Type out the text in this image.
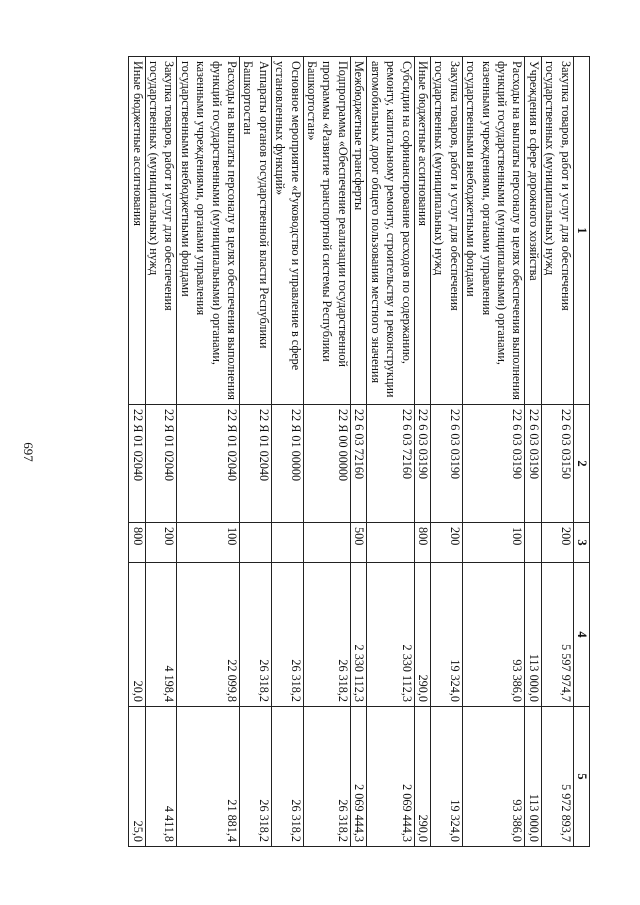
697
1	2	3	4	5
Закупка товаров, работ и услуг для обеспечения государственных (муниципальных) нужд	22 6 03 03150	200	5 597 974,7	5 972 893,7
Учреждения в сфере дорожного хозяйства	22 6 03 03190		113 000,0	113 000,0
Расходы на выплаты персоналу в целях обеспечения выполнения функций государственными (муниципальными) органами, казенными учреждениями, органами управления государственными внебюджетными фондами	22 6 03 03190	100	93 386,0	93 386,0
Закупка товаров, работ и услуг для обеспечения государственных (муниципальных) нужд	22 6 03 03190	200	19 324,0	19 324,0
Иные бюджетные ассигнования	22 6 03 03190	800	290,0	290,0
Субсидии на софинансирование расходов по содержанию, ремонту, капитальному ремонту, строительству и реконструкции автомобильных дорог общего пользования местного значения	22 6 03 72160		2 330 112,3	2 069 444,3
Межбюджетные трансферты	22 6 03 72160	500	2 330 112,3	2 069 444,3
Подпрограмма «Обеспечение реализации государственной программы «Развитие транспортной системы Республики Башкортостан»	22 Я 00 00000		26 318,2	26 318,2
Основное мероприятие «Руководство и управление в сфере установленных функций»	22 Я 01 00000		26 318,2	26 318,2
Аппараты органов государственной власти Республики Башкортостан	22 Я 01 02040		26 318,2	26 318,2
Расходы на выплаты персоналу в целях обеспечения выполнения функций государственными (муниципальными) органами, казенными учреждениями, органами управления государственными внебюджетными фондами	22 Я 01 02040	100	22 099,8	21 881,4
Закупка товаров, работ и услуг для обеспечения государственных (муниципальных) нужд	22 Я 01 02040	200	4 198,4	4 411,8
Иные бюджетные ассигнования	22 Я 01 02040	800	20,0	25,0
